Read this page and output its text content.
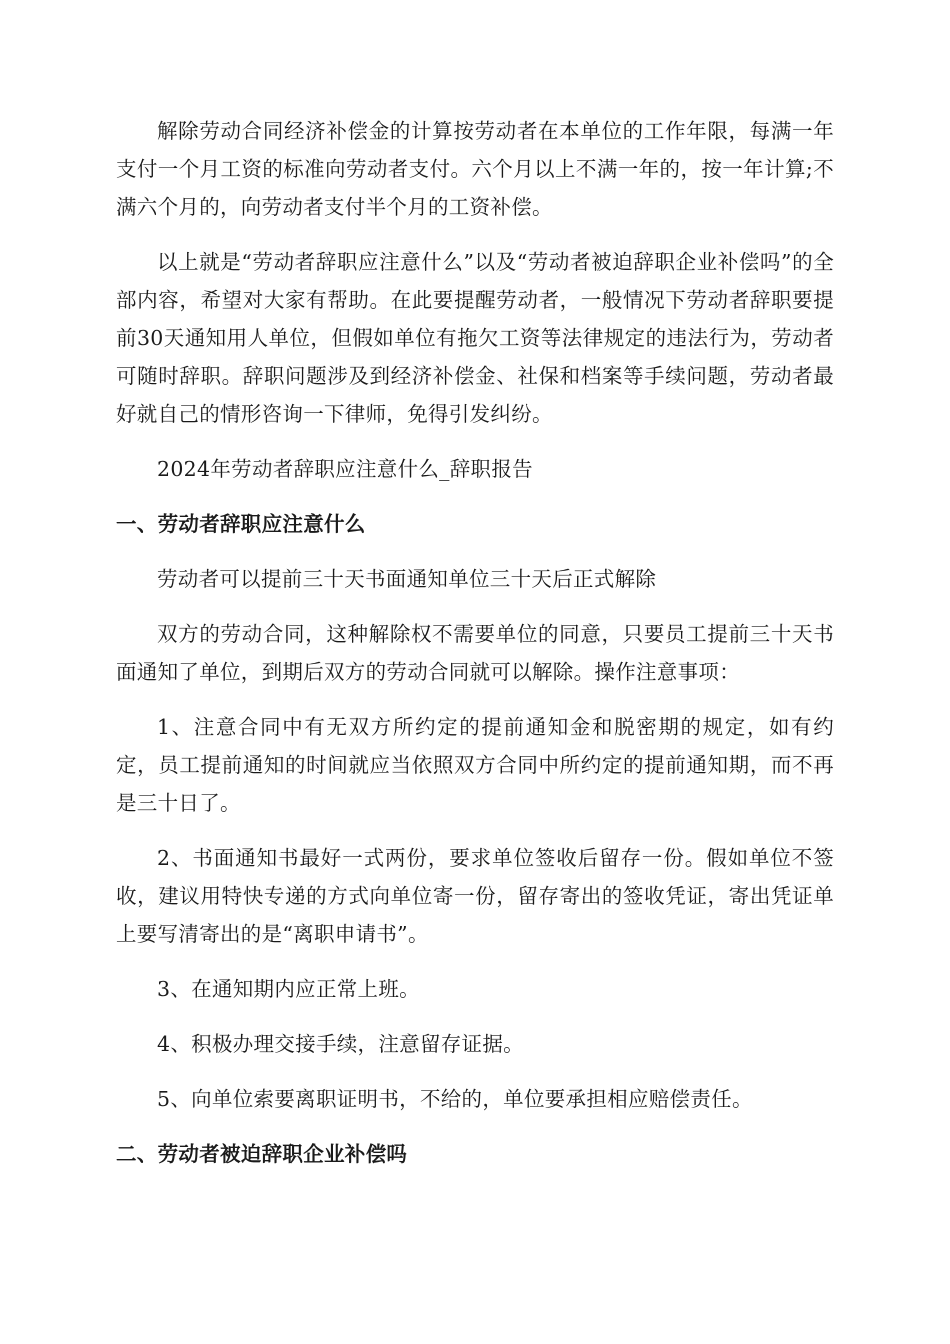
解除劳动合同经济补偿金的计算按劳动者在本单位的工作年限，每满一年支付一个月工资的标准向劳动者支付。六个月以上不满一年的，按一年计算;不满六个月的，向劳动者支付半个月的工资补偿。

以上就是“劳动者辞职应注意什么”以及“劳动者被迫辞职企业补偿吗”的全部内容，希望对大家有帮助。在此要提醒劳动者，一般情况下劳动者辞职要提前30天通知用人单位，但假如单位有拖欠工资等法律规定的违法行为，劳动者可随时辞职。辞职问题涉及到经济补偿金、社保和档案等手续问题，劳动者最好就自己的情形咨询一下律师，免得引发纠纷。

2024年劳动者辞职应注意什么_辞职报告

一、劳动者辞职应注意什么

劳动者可以提前三十天书面通知单位三十天后正式解除

双方的劳动合同，这种解除权不需要单位的同意，只要员工提前三十天书面通知了单位，到期后双方的劳动合同就可以解除。操作注意事项：

1、注意合同中有无双方所约定的提前通知金和脱密期的规定，如有约定，员工提前通知的时间就应当依照双方合同中所约定的提前通知期，而不再是三十日了。

2、书面通知书最好一式两份，要求单位签收后留存一份。假如单位不签收，建议用特快专递的方式向单位寄一份，留存寄出的签收凭证，寄出凭证单上要写清寄出的是“离职申请书”。

3、在通知期内应正常上班。

4、积极办理交接手续，注意留存证据。

5、向单位索要离职证明书，不给的，单位要承担相应赔偿责任。

二、劳动者被迫辞职企业补偿吗
